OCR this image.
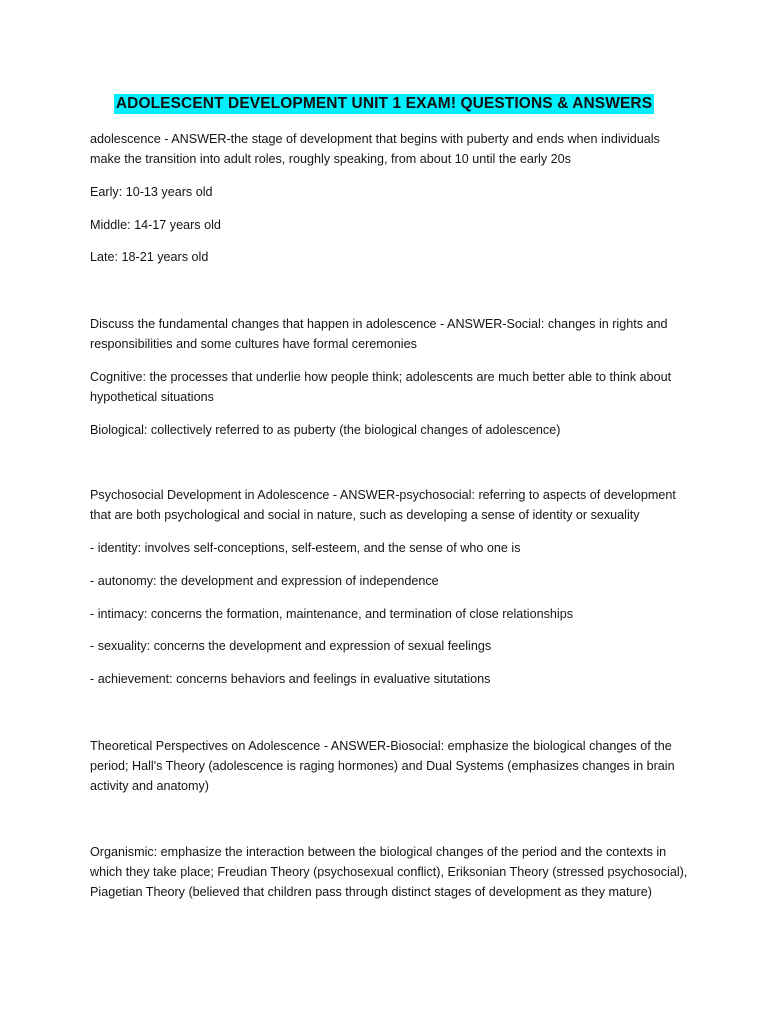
ADOLESCENT DEVELOPMENT UNIT 1 EXAM! QUESTIONS & ANSWERS
adolescence - ANSWER-the stage of development that begins with puberty and ends when individuals make the transition into adult roles, roughly speaking, from about 10 until the early 20s
Early: 10-13 years old
Middle: 14-17 years old
Late: 18-21 years old
Discuss the fundamental changes that happen in adolescence - ANSWER-Social: changes in rights and responsibilities and some cultures have formal ceremonies
Cognitive: the processes that underlie how people think; adolescents are much better able to think about hypothetical situations
Biological: collectively referred to as puberty (the biological changes of adolescence)
Psychosocial Development in Adolescence - ANSWER-psychosocial: referring to aspects of development that are both psychological and social in nature, such as developing a sense of identity or sexuality
- identity: involves self-conceptions, self-esteem, and the sense of who one is
- autonomy: the development and expression of independence
- intimacy: concerns the formation, maintenance, and termination of close relationships
- sexuality: concerns the development and expression of sexual feelings
- achievement: concerns behaviors and feelings in evaluative situtations
Theoretical Perspectives on Adolescence - ANSWER-Biosocial: emphasize the biological changes of the period; Hall's Theory (adolescence is raging hormones) and Dual Systems (emphasizes changes in brain activity and anatomy)
Organismic: emphasize the interaction between the biological changes of the period and the contexts in which they take place; Freudian Theory (psychosexual conflict), Eriksonian Theory (stressed psychosocial), Piagetian Theory (believed that children pass through distinct stages of development as they mature)
